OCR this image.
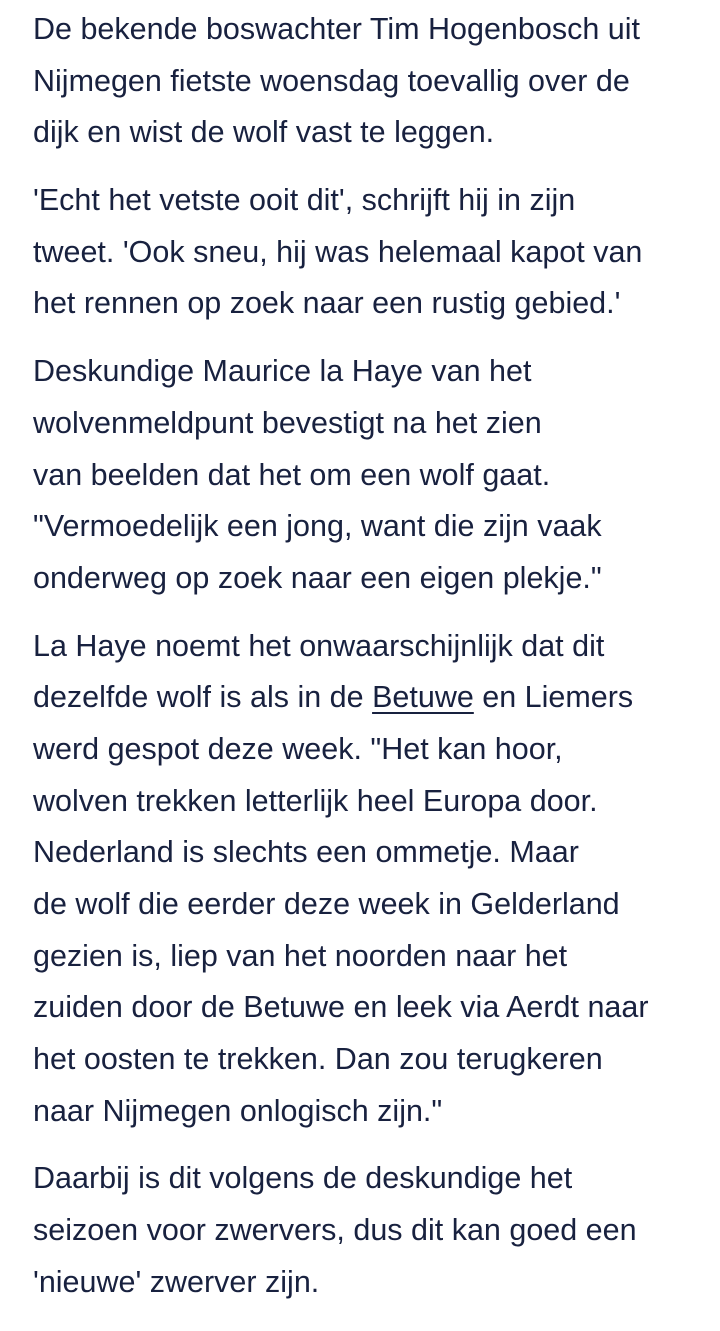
De bekende boswachter Tim Hogenbosch uit
Nijmegen fietste woensdag toevallig over de
dijk en wist de wolf vast te leggen.
'Echt het vetste ooit dit', schrijft hij in zijn
tweet. 'Ook sneu, hij was helemaal kapot van
het rennen op zoek naar een rustig gebied.'
Deskundige Maurice la Haye van het
wolvenmeldpunt bevestigt na het zien
van beelden dat het om een wolf gaat.
"Vermoedelijk een jong, want die zijn vaak
onderweg op zoek naar een eigen plekje."
La Haye noemt het onwaarschijnlijk dat dit
dezelfde wolf is als in de Betuwe en Liemers
werd gespot deze week. "Het kan hoor,
wolven trekken letterlijk heel Europa door.
Nederland is slechts een ommetje. Maar
de wolf die eerder deze week in Gelderland
gezien is, liep van het noorden naar het
zuiden door de Betuwe en leek via Aerdt naar
het oosten te trekken. Dan zou terugkeren
naar Nijmegen onlogisch zijn."
Daarbij is dit volgens de deskundige het
seizoen voor zwervers, dus dit kan goed een
'nieuwe' zwerver zijn.
